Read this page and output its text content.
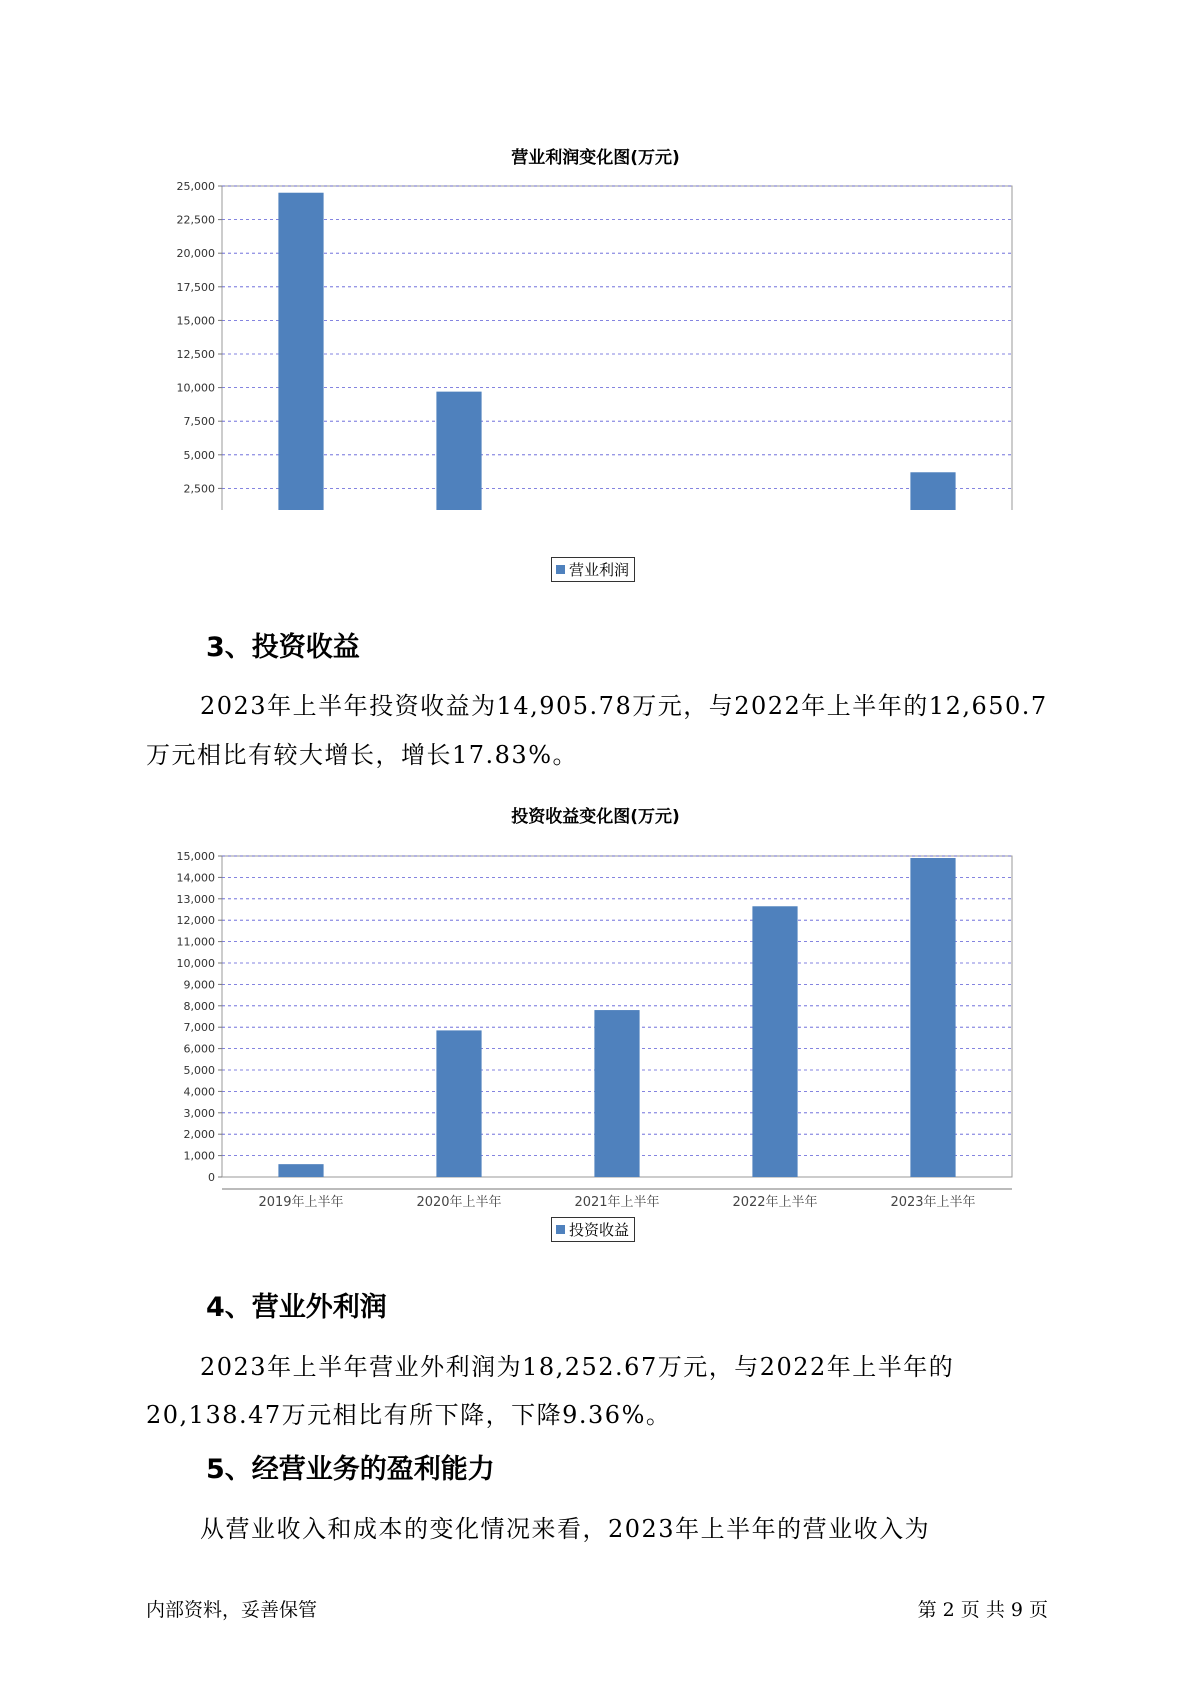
营业利润变化图(万元)
2,500
5,000
7,500
10,000
12,500
15,000
17,500
20,000
22,500
25,000
营业利润
3、投资收益
2023年上半年投资收益为14,905.78万元，与2022年上半年的12,650.7
万元相比有较大增长，增长17.83%。
投资收益变化图(万元)
0
1,000
2,000
3,000
4,000
5,000
6,000
7,000
8,000
9,000
10,000
11,000
12,000
13,000
14,000
15,000
2019年上半年	2020年上半年	2021年上半年	2022年上半年	2023年上半年
投资收益
4、营业外利润
2023年上半年营业外利润为18,252.67万元，与2022年上半年的
20,138.47万元相比有所下降，下降9.36%。
5、经营业务的盈利能力
从营业收入和成本的变化情况来看，2023年上半年的营业收入为
内部资料，妥善保管	第 2 页 共 9 页
